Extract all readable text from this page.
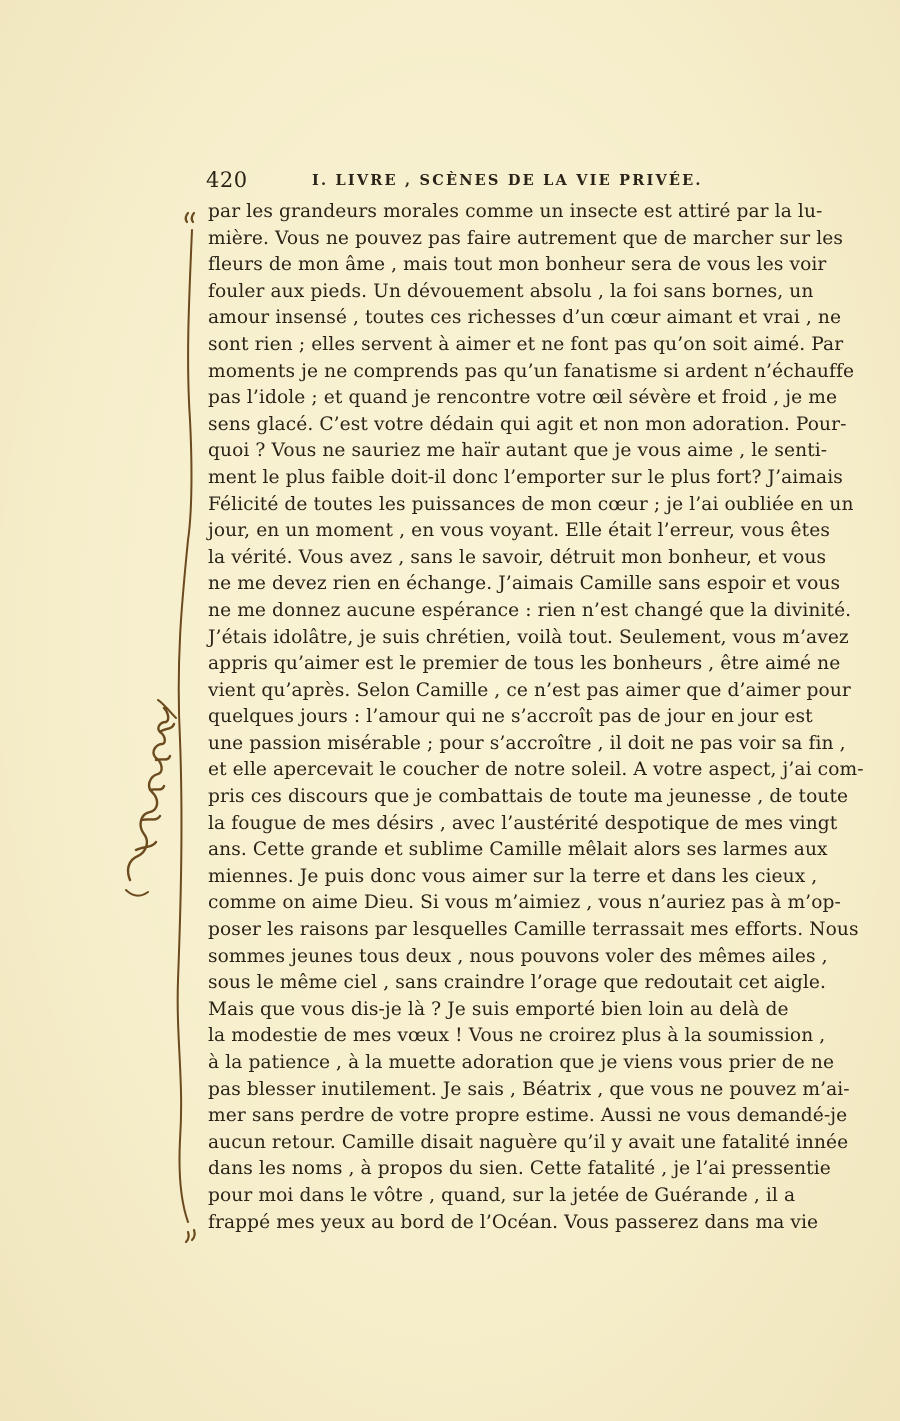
420	I. LIVRE , SCÈNES DE LA VIE PRIVÉE.
par les grandeurs morales comme un insecte est attiré par la lu-
mière. Vous ne pouvez pas faire autrement que de marcher sur les
fleurs de mon âme , mais tout mon bonheur sera de vous les voir
fouler aux pieds. Un dévouement absolu , la foi sans bornes, un
amour insensé , toutes ces richesses d’un cœur aimant et vrai , ne
sont rien ; elles servent à aimer et ne font pas qu’on soit aimé. Par
moments je ne comprends pas qu’un fanatisme si ardent n’échauffe
pas l’idole ; et quand je rencontre votre œil sévère et froid , je me
sens glacé. C’est votre dédain qui agit et non mon adoration. Pour-
quoi ? Vous ne sauriez me haïr autant que je vous aime , le senti-
ment le plus faible doit-il donc l’emporter sur le plus fort? J’aimais
Félicité de toutes les puissances de mon cœur ; je l’ai oubliée en un
jour, en un moment , en vous voyant. Elle était l’erreur, vous êtes
la vérité. Vous avez , sans le savoir, détruit mon bonheur, et vous
ne me devez rien en échange. J’aimais Camille sans espoir et vous
ne me donnez aucune espérance : rien n’est changé que la divinité.
J’étais idolâtre, je suis chrétien, voilà tout. Seulement, vous m’avez
appris qu’aimer est le premier de tous les bonheurs , être aimé ne
vient qu’après. Selon Camille , ce n’est pas aimer que d’aimer pour
quelques jours : l’amour qui ne s’accroît pas de jour en jour est
une passion misérable ; pour s’accroître , il doit ne pas voir sa fin ,
et elle apercevait le coucher de notre soleil. A votre aspect, j’ai com-
pris ces discours que je combattais de toute ma jeunesse , de toute
la fougue de mes désirs , avec l’austérité despotique de mes vingt
ans. Cette grande et sublime Camille mêlait alors ses larmes aux
miennes. Je puis donc vous aimer sur la terre et dans les cieux ,
comme on aime Dieu. Si vous m’aimiez , vous n’auriez pas à m’op-
poser les raisons par lesquelles Camille terrassait mes efforts. Nous
sommes jeunes tous deux , nous pouvons voler des mêmes ailes ,
sous le même ciel , sans craindre l’orage que redoutait cet aigle.
Mais que vous dis-je là ? Je suis emporté bien loin au delà de
la modestie de mes vœux ! Vous ne croirez plus à la soumission ,
à la patience , à la muette adoration que je viens vous prier de ne
pas blesser inutilement. Je sais , Béatrix , que vous ne pouvez m’ai-
mer sans perdre de votre propre estime. Aussi ne vous demandé-je
aucun retour. Camille disait naguère qu’il y avait une fatalité innée
dans les noms , à propos du sien. Cette fatalité , je l’ai pressentie
pour moi dans le vôtre , quand, sur la jetée de Guérande , il a
frappé mes yeux au bord de l’Océan. Vous passerez dans ma vie
